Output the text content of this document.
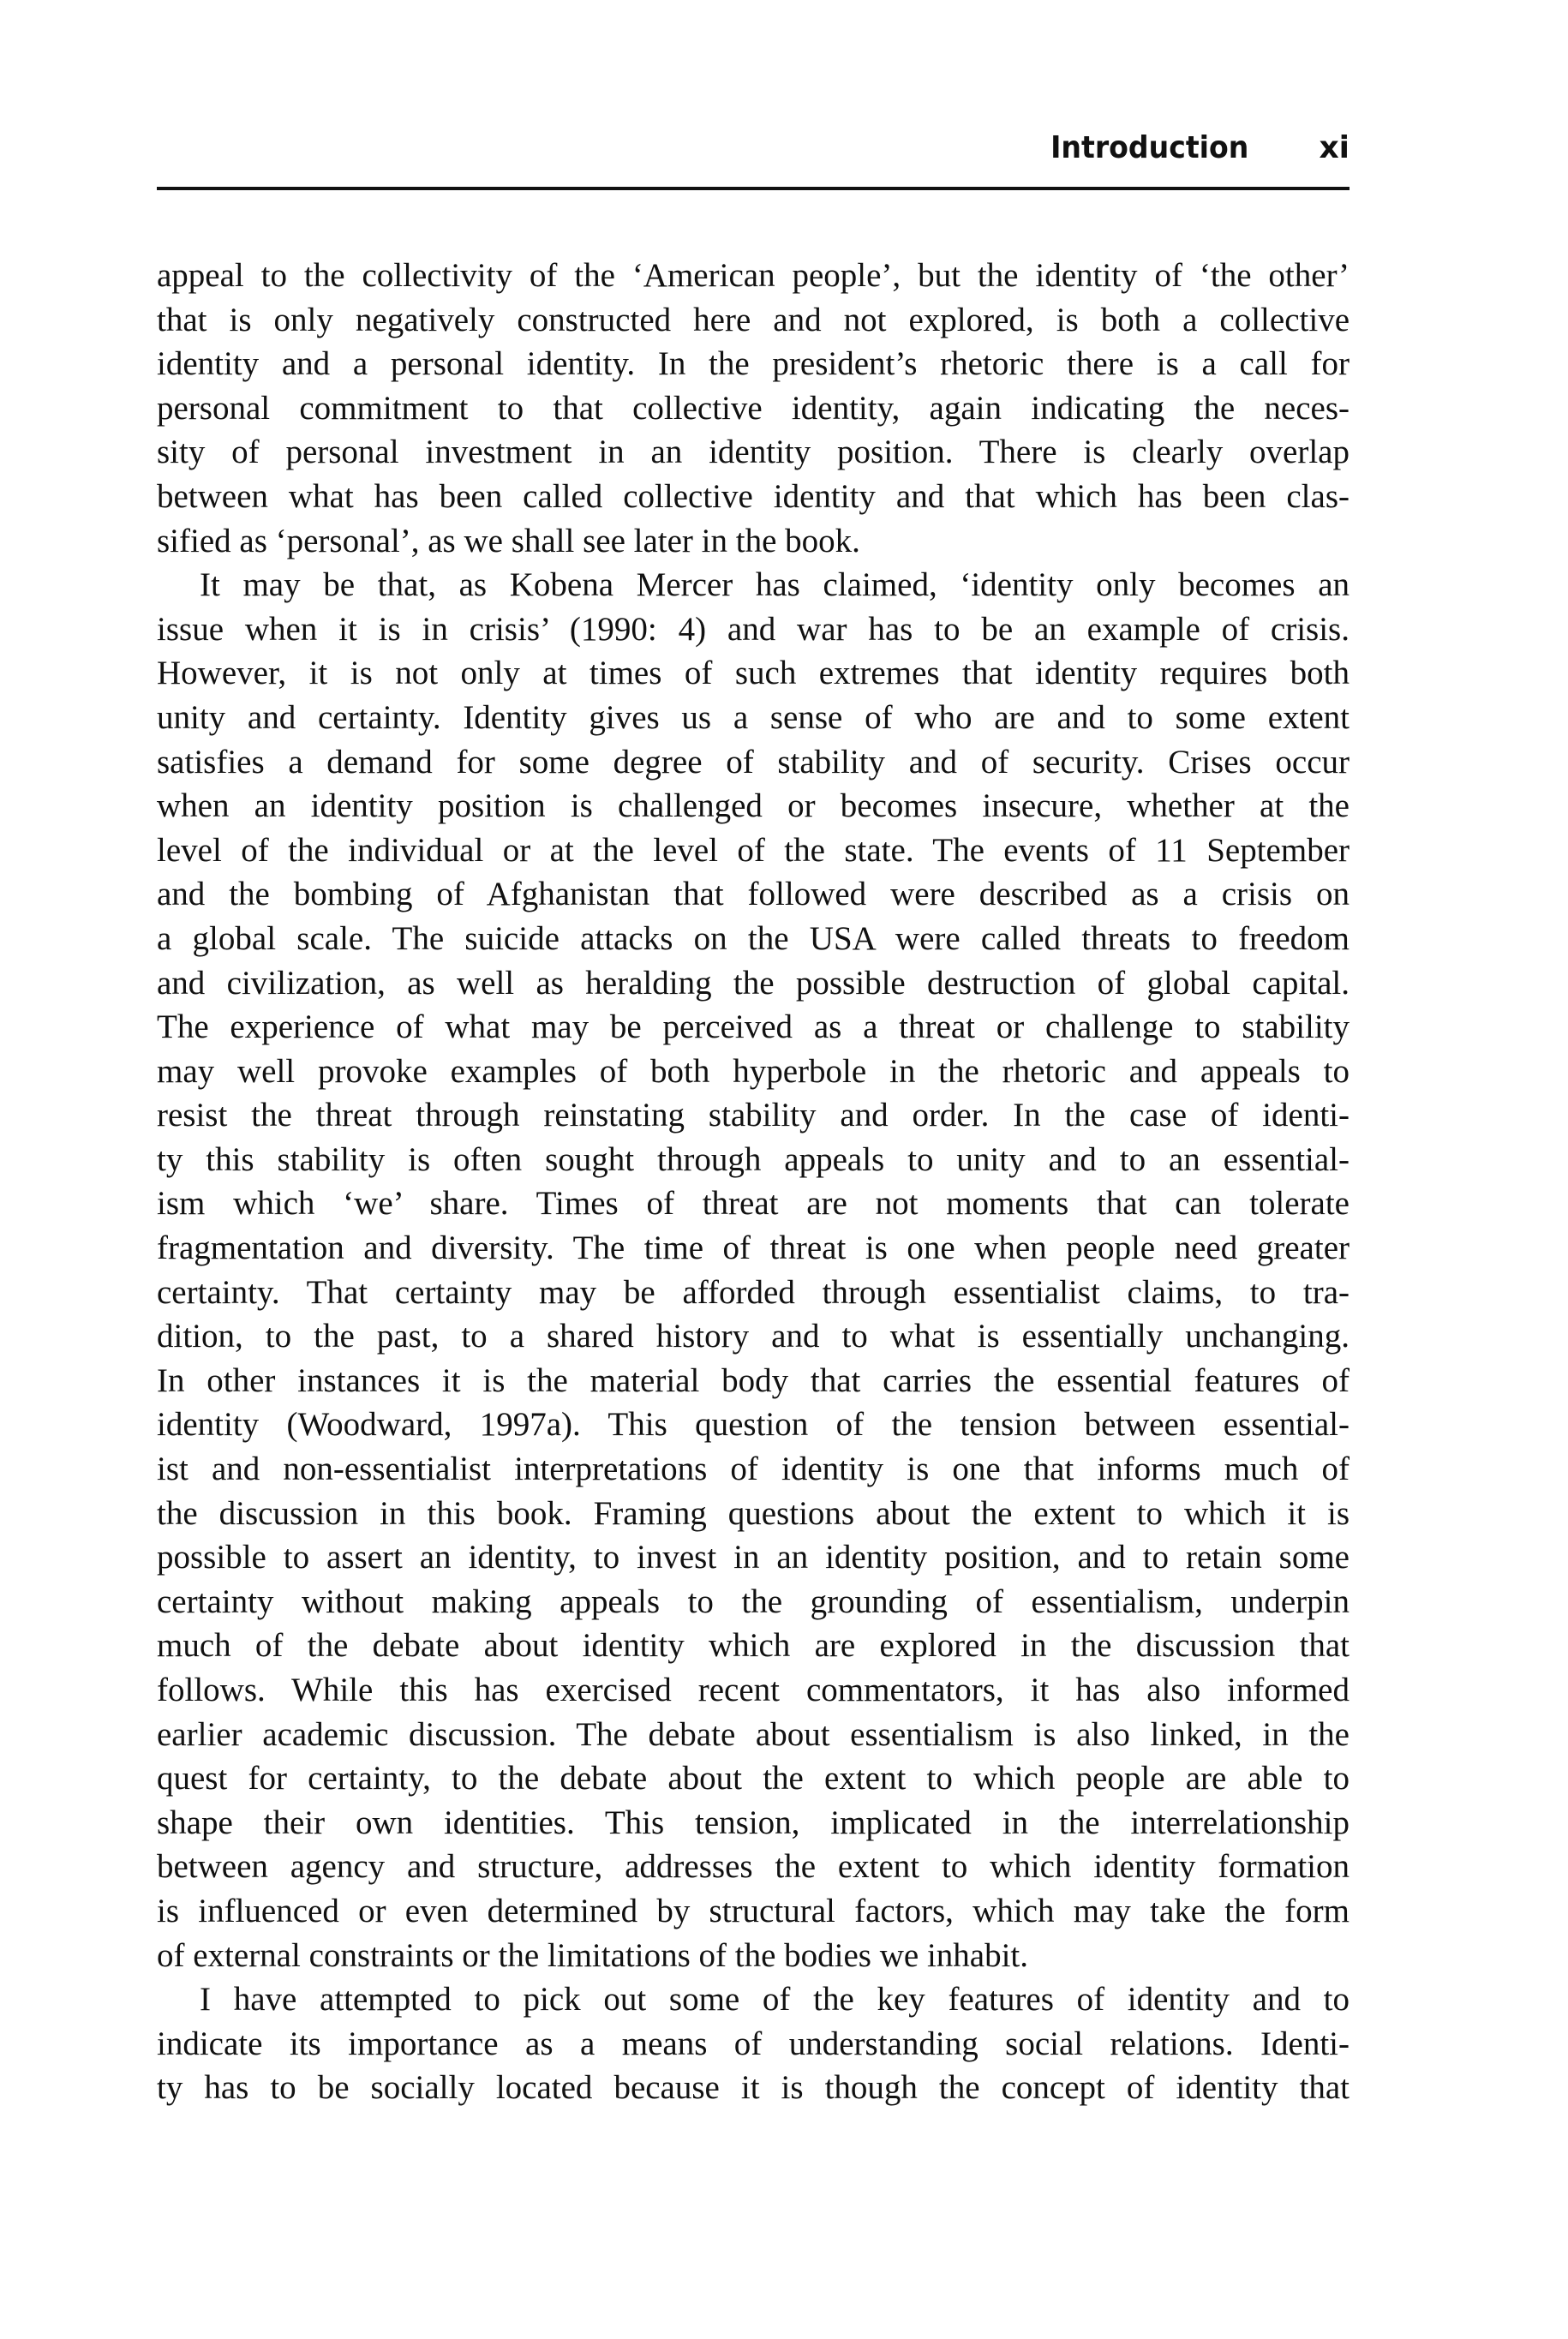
Introduction xi
appeal to the collectivity of the ‘American people’, but the identity of ‘the other’
that is only negatively constructed here and not explored, is both a collective
identity and a personal identity. In the president’s rhetoric there is a call for
personal commitment to that collective identity, again indicating the neces-
sity of personal investment in an identity position. There is clearly overlap
between what has been called collective identity and that which has been clas-
sified as ‘personal’, as we shall see later in the book.
It may be that, as Kobena Mercer has claimed, ‘identity only becomes an
issue when it is in crisis’ (1990: 4) and war has to be an example of crisis.
However, it is not only at times of such extremes that identity requires both
unity and certainty. Identity gives us a sense of who are and to some extent
satisfies a demand for some degree of stability and of security. Crises occur
when an identity position is challenged or becomes insecure, whether at the
level of the individual or at the level of the state. The events of 11 September
and the bombing of Afghanistan that followed were described as a crisis on
a global scale. The suicide attacks on the USA were called threats to freedom
and civilization, as well as heralding the possible destruction of global capital.
The experience of what may be perceived as a threat or challenge to stability
may well provoke examples of both hyperbole in the rhetoric and appeals to
resist the threat through reinstating stability and order. In the case of identi-
ty this stability is often sought through appeals to unity and to an essential-
ism which ‘we’ share. Times of threat are not moments that can tolerate
fragmentation and diversity. The time of threat is one when people need greater
certainty. That certainty may be afforded through essentialist claims, to tra-
dition, to the past, to a shared history and to what is essentially unchanging.
In other instances it is the material body that carries the essential features of
identity (Woodward, 1997a). This question of the tension between essential-
ist and non-essentialist interpretations of identity is one that informs much of
the discussion in this book. Framing questions about the extent to which it is
possible to assert an identity, to invest in an identity position, and to retain some
certainty without making appeals to the grounding of essentialism, underpin
much of the debate about identity which are explored in the discussion that
follows. While this has exercised recent commentators, it has also informed
earlier academic discussion. The debate about essentialism is also linked, in the
quest for certainty, to the debate about the extent to which people are able to
shape their own identities. This tension, implicated in the interrelationship
between agency and structure, addresses the extent to which identity formation
is influenced or even determined by structural factors, which may take the form
of external constraints or the limitations of the bodies we inhabit.
I have attempted to pick out some of the key features of identity and to
indicate its importance as a means of understanding social relations. Identi-
ty has to be socially located because it is though the concept of identity that
